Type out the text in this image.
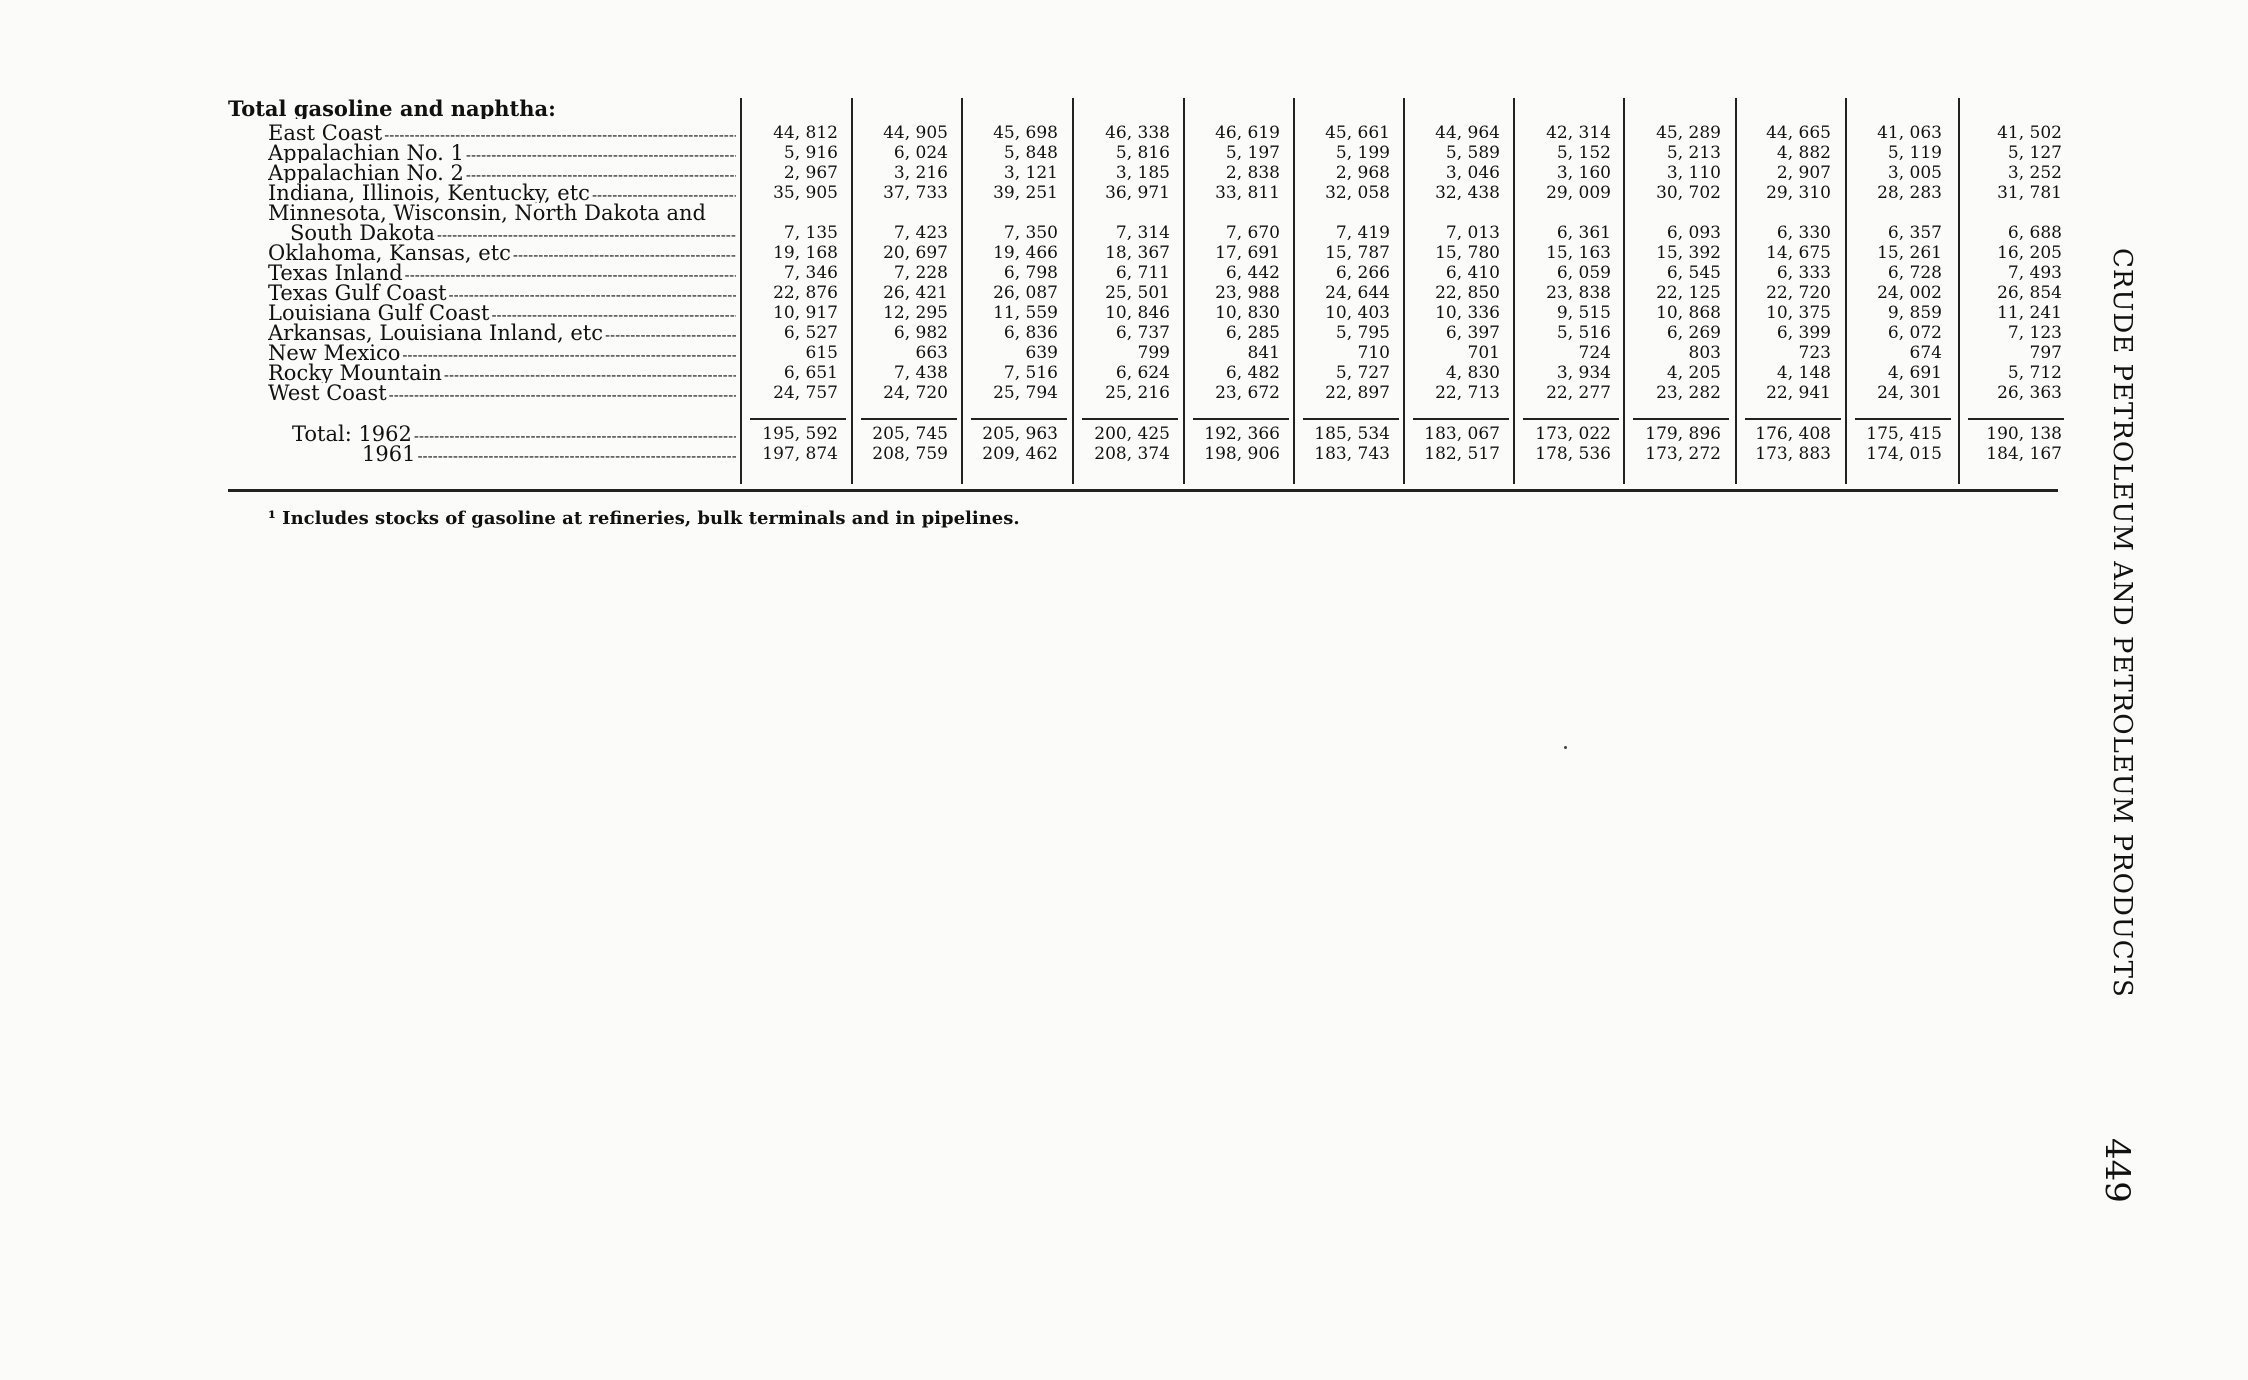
Total gasoline and naphtha:
East Coast -----	44, 812	44, 905	45, 698	46, 338	46, 619	45, 661	44, 964	42, 314	45, 289	44, 665	41, 063	41, 502
Appalachian No. 1 -----	5, 916	6, 024	5, 848	5, 816	5, 197	5, 199	5, 589	5, 152	5, 213	4, 882	5, 119	5, 127
Appalachian No. 2 -----	2, 967	3, 216	3, 121	3, 185	2, 838	2, 968	3, 046	3, 160	3, 110	2, 907	3, 005	3, 252
Indiana, Illinois, Kentucky, etc -----	35, 905	37, 733	39, 251	36, 971	33, 811	32, 058	32, 438	29, 009	30, 702	29, 310	28, 283	31, 781
Minnesota, Wisconsin, North Dakota and
South Dakota -----	7, 135	7, 423	7, 350	7, 314	7, 670	7, 419	7, 013	6, 361	6, 093	6, 330	6, 357	6, 688
Oklahoma, Kansas, etc -----	19, 168	20, 697	19, 466	18, 367	17, 691	15, 787	15, 780	15, 163	15, 392	14, 675	15, 261	16, 205
Texas Inland -----	7, 346	7, 228	6, 798	6, 711	6, 442	6, 266	6, 410	6, 059	6, 545	6, 333	6, 728	7, 493
Texas Gulf Coast -----	22, 876	26, 421	26, 087	25, 501	23, 988	24, 644	22, 850	23, 838	22, 125	22, 720	24, 002	26, 854
Louisiana Gulf Coast -----	10, 917	12, 295	11, 559	10, 846	10, 830	10, 403	10, 336	9, 515	10, 868	10, 375	9, 859	11, 241
Arkansas, Louisiana Inland, etc -----	6, 527	6, 982	6, 836	6, 737	6, 285	5, 795	6, 397	5, 516	6, 269	6, 399	6, 072	7, 123
New Mexico -----	615	663	639	799	841	710	701	724	803	723	674	797
Rocky Mountain -----	6, 651	7, 438	7, 516	6, 624	6, 482	5, 727	4, 830	3, 934	4, 205	4, 148	4, 691	5, 712
West Coast -----	24, 757	24, 720	25, 794	25, 216	23, 672	22, 897	22, 713	22, 277	23, 282	22, 941	24, 301	26, 363
Total: 1962 -----	195, 592	205, 745	205, 963	200, 425	192, 366	185, 534	183, 067	173, 022	179, 896	176, 408	175, 415	190, 138
1961 -----	197, 874	208, 759	209, 462	208, 374	198, 906	183, 743	182, 517	178, 536	173, 272	173, 883	174, 015	184, 167
¹ Includes stocks of gasoline at refineries, bulk terminals and in pipelines.	CRUDE PETROLEUM AND PETROLEUM PRODUCTS
449
